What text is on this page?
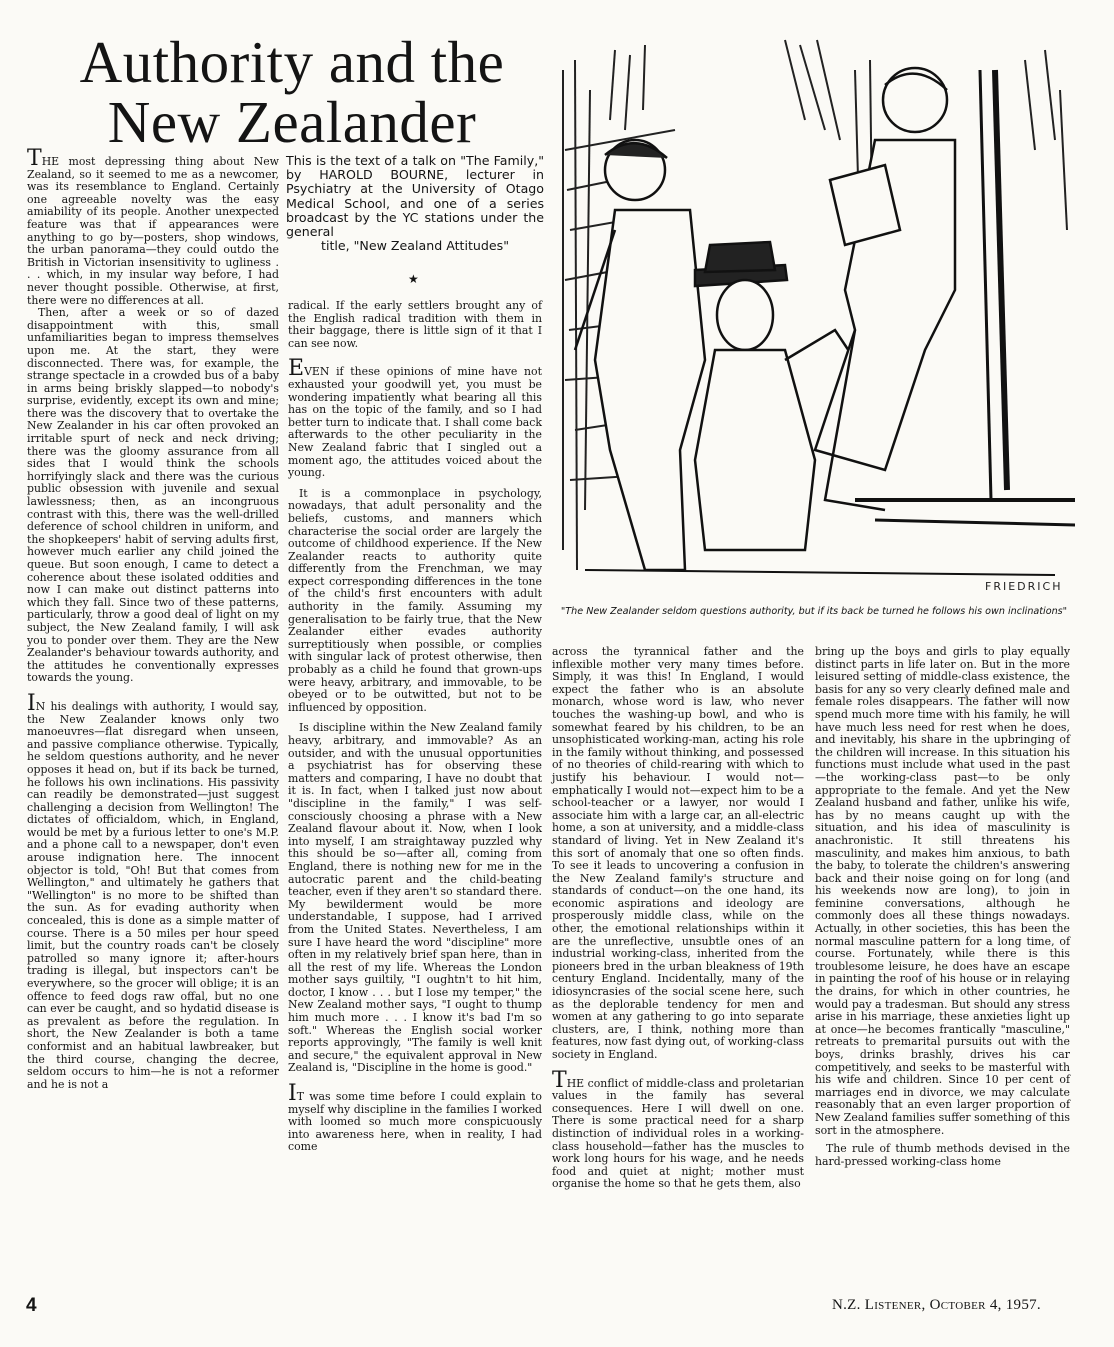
Authority and the New Zealander

THE most depressing thing about New Zealand, so it seemed to me as a newcomer, was its resemblance to England. Certainly one agreeable novelty was the easy amiability of its people. Another unexpected feature was that if appearances were anything to go by—posters, shop windows, the urban panorama—they could outdo the British in Victorian insensitivity to ugliness . . . which, in my insular way before, I had never thought possible. Otherwise, at first, there were no differences at all.

Then, after a week or so of dazed disappointment with this, small unfamiliarities began to impress themselves upon me. At the start, they were disconnected. There was, for example, the strange spectacle in a crowded bus of a baby in arms being briskly slapped—to nobody's surprise, evidently, except its own and mine; there was the discovery that to overtake the New Zealander in his car often provoked an irritable spurt of neck and neck driving; there was the gloomy assurance from all sides that I would think the schools horrifyingly slack and there was the curious public obsession with juvenile and sexual lawlessness; then, as an incongruous contrast with this, there was the well-drilled deference of school children in uniform, and the shopkeepers' habit of serving adults first, however much earlier any child joined the queue. But soon enough, I came to detect a coherence about these isolated oddities and now I can make out distinct patterns into which they fall. Since two of these patterns, particularly, throw a good deal of light on my subject, the New Zealand family, I will ask you to ponder over them. They are the New Zealander's behaviour towards authority, and the attitudes he conventionally expresses towards the young.

IN his dealings with authority, I would say, the New Zealander knows only two manoeuvres—flat disregard when unseen, and passive compliance otherwise. Typically, he seldom questions authority, and he never opposes it head on, but if its back be turned, he follows his own inclinations. His passivity can readily be demonstrated—just suggest challenging a decision from Wellington! The dictates of officialdom, which, in England, would be met by a furious letter to one's M.P. and a phone call to a newspaper, don't even arouse indignation here. The innocent objector is told, "Oh! But that comes from Wellington," and ultimately he gathers that "Wellington" is no more to be shifted than the sun. As for evading authority when concealed, this is done as a simple matter of course. There is a 50 miles per hour speed limit, but the country roads can't be closely patrolled so many ignore it; after-hours trading is illegal, but inspectors can't be everywhere, so the grocer will oblige; it is an offence to feed dogs raw offal, but no one can ever be caught, and so hydatid disease is as prevalent as before the regulation. In short, the New Zealander is both a tame conformist and an habitual lawbreaker, but the third course, changing the decree, seldom occurs to him—he is not a reformer and he is not a

This is the text of a talk on "The Family," by HAROLD BOURNE, lecturer in Psychiatry at the University of Otago Medical School, and one of a series broadcast by the YC stations under the general
title, "New Zealand Attitudes"
★

radical. If the early settlers brought any of the English radical tradition with them in their baggage, there is little sign of it that I can see now.

EVEN if these opinions of mine have not exhausted your goodwill yet, you must be wondering impatiently what bearing all this has on the topic of the family, and so I had better turn to indicate that. I shall come back afterwards to the other peculiarity in the New Zealand fabric that I singled out a moment ago, the attitudes voiced about the young.

It is a commonplace in psychology, nowadays, that adult personality and the beliefs, customs, and manners which characterise the social order are largely the outcome of childhood experience. If the New Zealander reacts to authority quite differently from the Frenchman, we may expect corresponding differences in the tone of the child's first encounters with adult authority in the family. Assuming my generalisation to be fairly true, that the New Zealander either evades authority surreptitiously when possible, or complies with singular lack of protest otherwise, then probably as a child he found that grown-ups were heavy, arbitrary, and immovable, to be obeyed or to be outwitted, but not to be influenced by opposition.

Is discipline within the New Zealand family heavy, arbitrary, and immovable? As an outsider, and with the unusual opportunities a psychiatrist has for observing these matters and comparing, I have no doubt that it is. In fact, when I talked just now about "discipline in the family," I was self-consciously choosing a phrase with a New Zealand flavour about it. Now, when I look into myself, I am straightaway puzzled why this should be so—after all, coming from England, there is nothing new for me in the autocratic parent and the child-beating teacher, even if they aren't so standard there. My bewilderment would be more understandable, I suppose, had I arrived from the United States. Nevertheless, I am sure I have heard the word "discipline" more often in my relatively brief span here, than in all the rest of my life. Whereas the London mother says guiltily, "I oughtn't to hit him, doctor, I know . . . but I lose my temper," the New Zealand mother says, "I ought to thump him much more . . . I know it's bad I'm so soft." Whereas the English social worker reports approvingly, "The family is well knit and secure," the equivalent approval in New Zealand is, "Discipline in the home is good."

IT was some time before I could explain to myself why discipline in the families I worked with loomed so much more conspicuously into awareness here, when in reality, I had come

FRIEDRICH
"The New Zealander seldom questions authority, but if its back be turned he follows his own inclinations"

across the tyrannical father and the inflexible mother very many times before. Simply, it was this! In England, I would expect the father who is an absolute monarch, whose word is law, who never touches the washing-up bowl, and who is somewhat feared by his children, to be an unsophisticated working-man, acting his role in the family without thinking, and possessed of no theories of child-rearing with which to justify his behaviour. I would not—emphatically I would not—expect him to be a school-teacher or a lawyer, nor would I associate him with a large car, an all-electric home, a son at university, and a middle-class standard of living. Yet in New Zealand it's this sort of anomaly that one so often finds. To see it leads to uncovering a confusion in the New Zealand family's structure and standards of conduct—on the one hand, its economic aspirations and ideology are prosperously middle class, while on the other, the emotional relationships within it are the unreflective, unsubtle ones of an industrial working-class, inherited from the pioneers bred in the urban bleakness of 19th century England. Incidentally, many of the idiosyncrasies of the social scene here, such as the deplorable tendency for men and women at any gathering to go into separate clusters, are, I think, nothing more than features, now fast dying out, of working-class society in England.

THE conflict of middle-class and proletarian values in the family has several consequences. Here I will dwell on one. There is some practical need for a sharp distinction of individual roles in a working-class household—father has the muscles to work long hours for his wage, and he needs food and quiet at night; mother must organise the home so that he gets them, also

bring up the boys and girls to play equally distinct parts in life later on. But in the more leisured setting of middle-class existence, the basis for any so very clearly defined male and female roles disappears. The father will now spend much more time with his family, he will have much less need for rest when he does, and inevitably, his share in the upbringing of the children will increase. In this situation his functions must include what used in the past—the working-class past—to be only appropriate to the female. And yet the New Zealand husband and father, unlike his wife, has by no means caught up with the situation, and his idea of masculinity is anachronistic. It still threatens his masculinity, and makes him anxious, to bath the baby, to tolerate the children's answering back and their noise going on for long (and his weekends now are long), to join in feminine conversations, although he commonly does all these things nowadays. Actually, in other societies, this has been the normal masculine pattern for a long time, of course. Fortunately, while there is this troublesome leisure, he does have an escape in painting the roof of his house or in relaying the drains, for which in other countries, he would pay a tradesman. But should any stress arise in his marriage, these anxieties light up at once—he becomes frantically "masculine," retreats to premarital pursuits out with the boys, drinks brashly, drives his car competitively, and seeks to be masterful with his wife and children. Since 10 per cent of marriages end in divorce, we may calculate reasonably that an even larger proportion of New Zealand families suffer something of this sort in the atmosphere.

The rule of thumb methods devised in the hard-pressed working-class home

4	N.Z. Listener, October 4, 1957.
